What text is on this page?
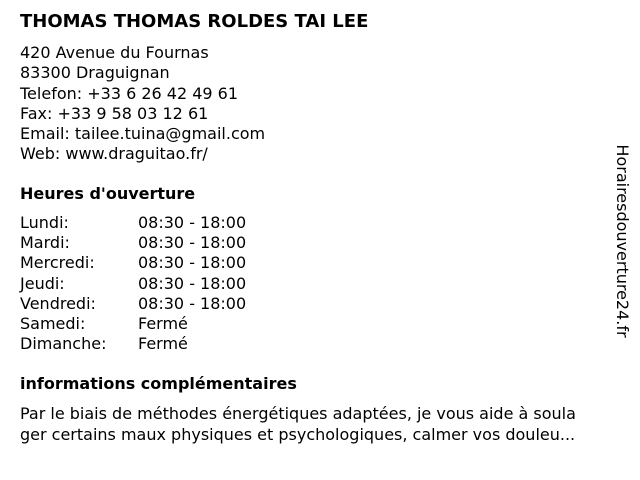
THOMAS THOMAS ROLDES TAI LEE
420 Avenue du Fournas
83300 Draguignan
Telefon: +33 6 26 42 49 61
Fax: +33 9 58 03 12 61
Email: tailee.tuina@gmail.com
Web: www.draguitao.fr/
Heures d'ouverture
Lundi:	08:30 - 18:00
Mardi:	08:30 - 18:00
Mercredi:	08:30 - 18:00
Jeudi:	08:30 - 18:00
Vendredi:	08:30 - 18:00
Samedi:	Fermé
Dimanche:	Fermé
informations complémentaires
Par le biais de méthodes énergétiques adaptées, je vous aide à soula
ger certains maux physiques et psychologiques, calmer vos douleu...
Horairesdouverture24.fr
